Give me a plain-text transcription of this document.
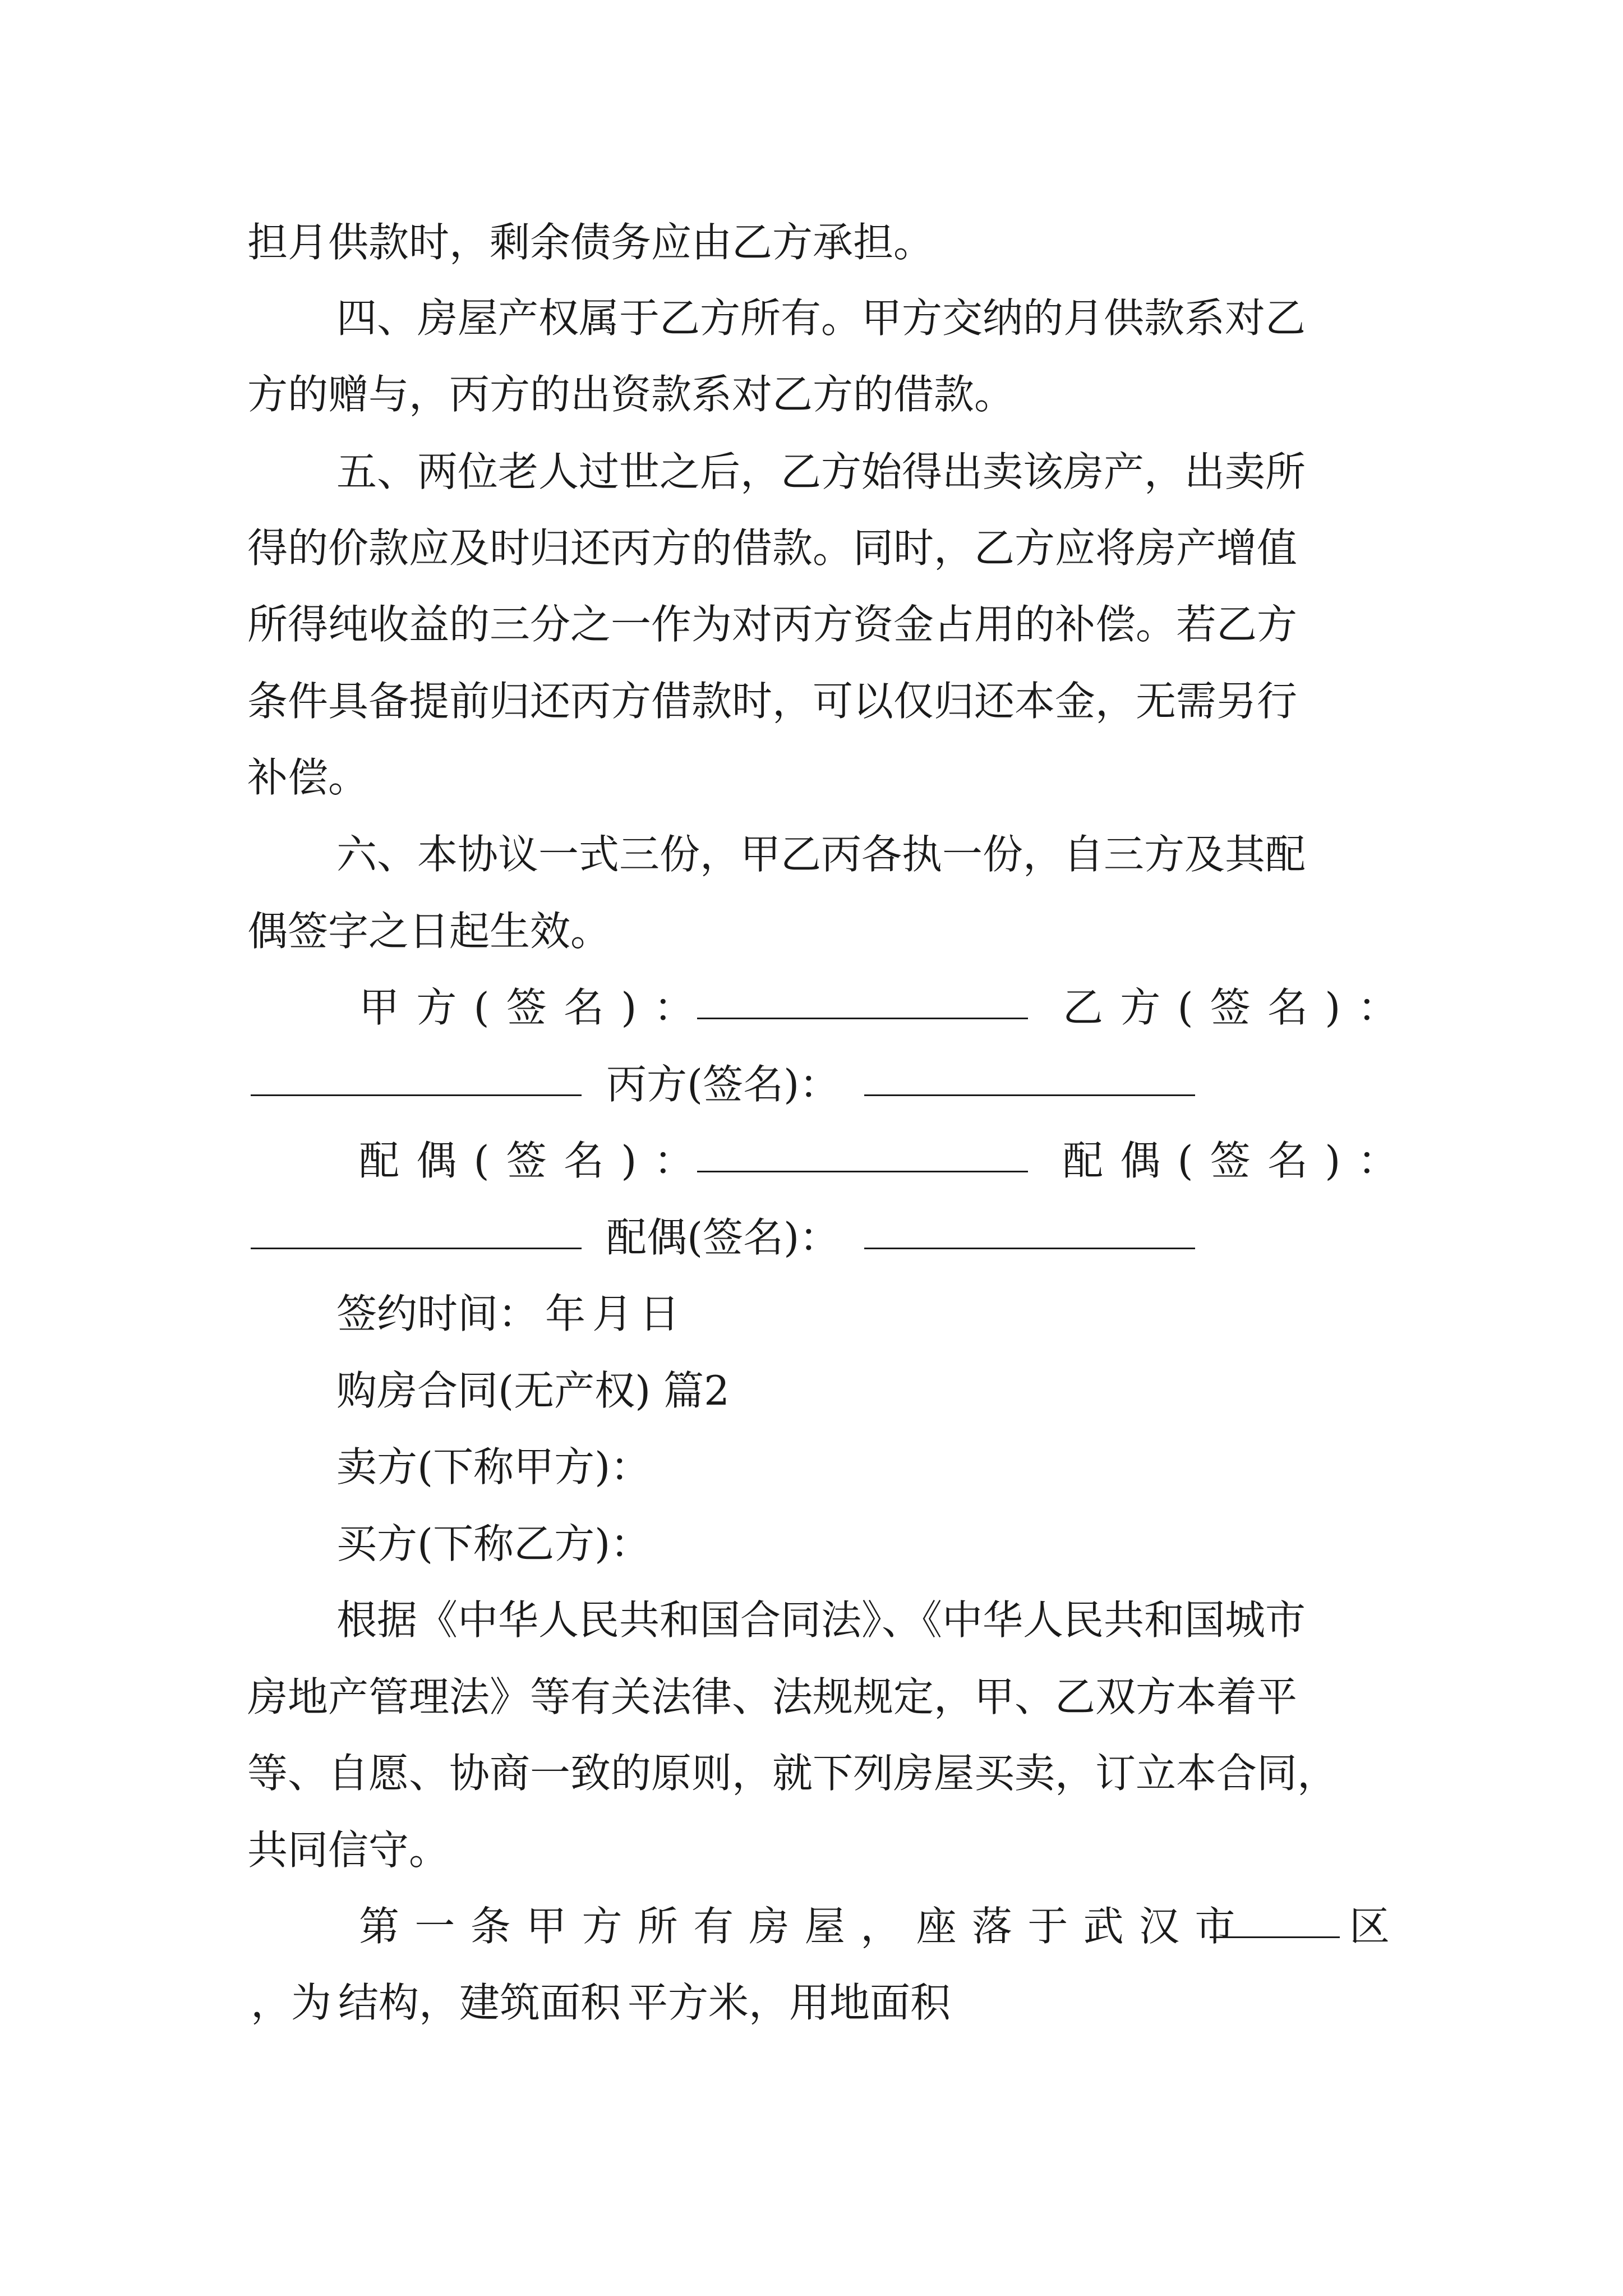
担月供款时，剩余债务应由乙方承担。
四、房屋产权属于乙方所有。甲方交纳的月供款系对乙
方的赠与，丙方的出资款系对乙方的借款。
五、两位老人过世之后，乙方始得出卖该房产，出卖所
得的价款应及时归还丙方的借款。同时，乙方应将房产增值
所得纯收益的三分之一作为对丙方资金占用的补偿。若乙方
条件具备提前归还丙方借款时，可以仅归还本金，无需另行
补偿。
六、本协议一式三份，甲乙丙各执一份，自三方及其配
偶签字之日起生效。
甲方(签名)：	乙方(签名)：
丙方(签名)：
配偶(签名)：	配偶(签名)：
配偶(签名)：
签约时间： 年 月 日
购房合同(无产权) 篇2
卖方(下称甲方)：
买方(下称乙方)：
根据《中华人民共和国合同法》、《中华人民共和国城市
房地产管理法》等有关法律、法规规定，甲、乙双方本着平
等、自愿、协商一致的原则，就下列房屋买卖，订立本合同，
共同信守。
第一条甲方所有房屋，座落于武汉市 区
，为 结构，建筑面积 平方米，用地面积
